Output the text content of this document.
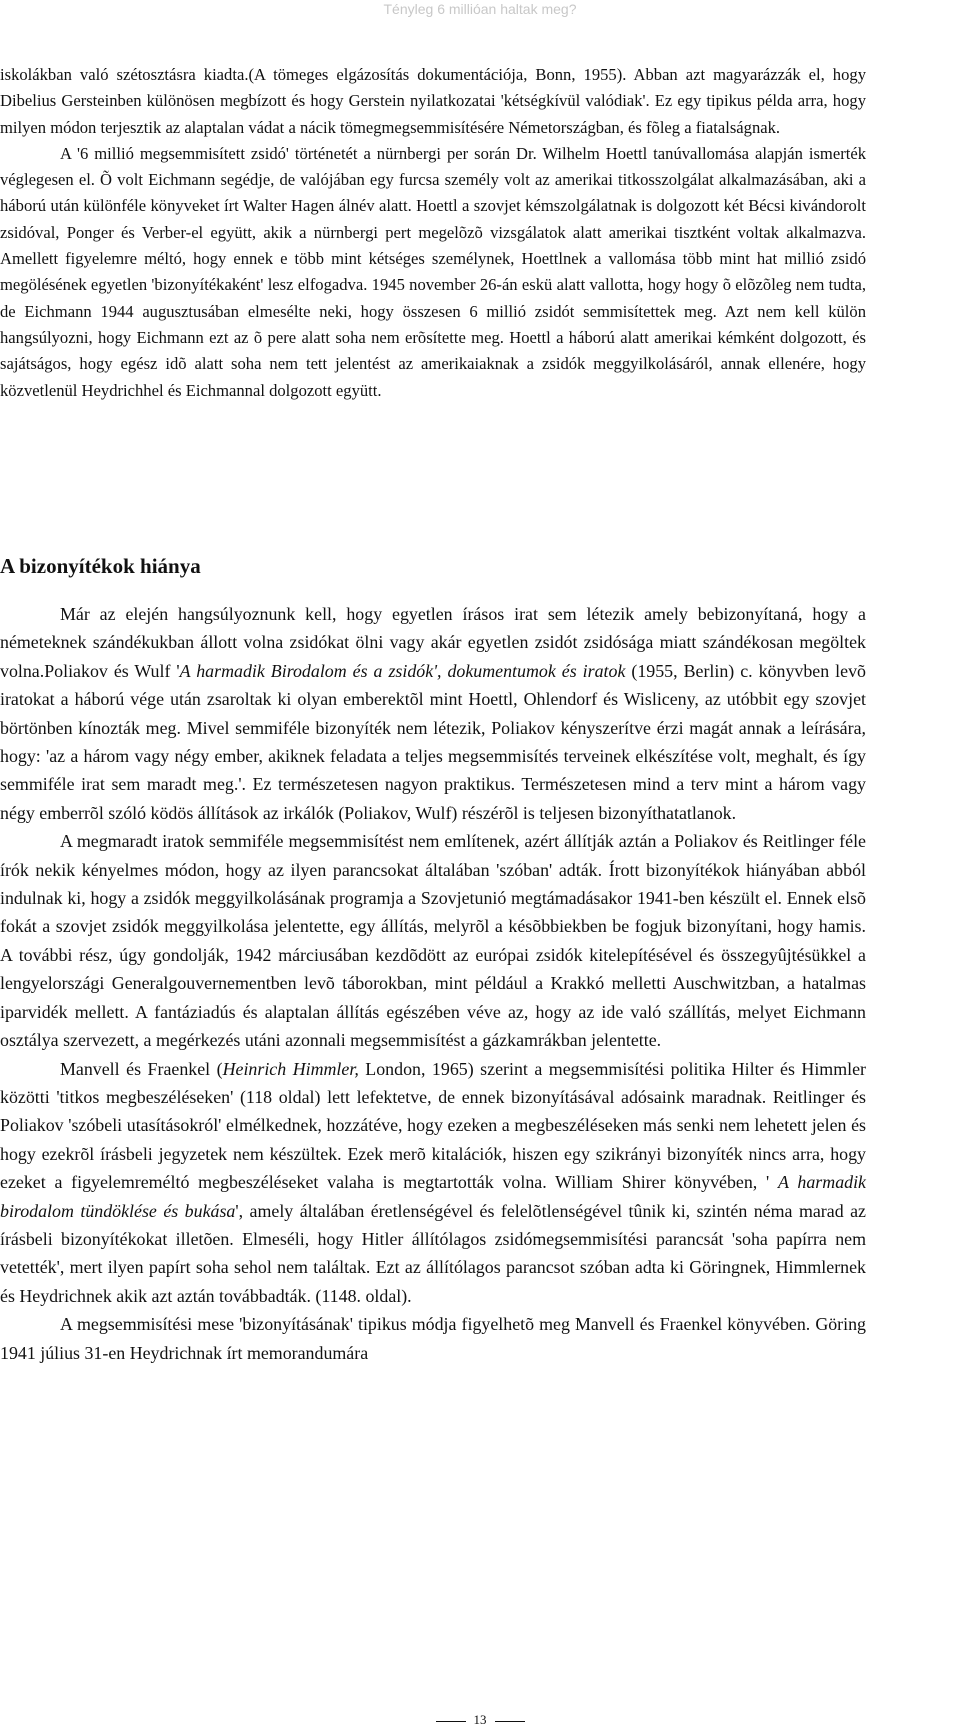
Tényleg 6 millióan haltak meg?

iskolákban való szétosztásra kiadta.(A tömeges elgázosítás dokumentációja, Bonn, 1955). Abban azt magyarázzák el, hogy Dibelius Gersteinben különösen megbízott és hogy Gerstein nyilatkozatai 'kétségkívül valódiak'. Ez egy tipikus példa arra, hogy milyen módon terjesztik az alaptalan vádat a nácik tömegmegsemmisítésére Németországban, és fõleg a fiatalságnak.

A '6 millió megsemmisített zsidó' történetét a nürnbergi per során Dr. Wilhelm Hoettl tanúvallomása alapján ismerték véglegesen el. Õ volt Eichmann segédje, de valójában egy furcsa személy volt az amerikai titkosszolgálat alkalmazásában, aki a háború után különféle könyveket írt Walter Hagen álnév alatt. Hoettl a szovjet kémszolgálatnak is dolgozott két Bécsi kivándorolt zsidóval, Ponger és Verber-el együtt, akik a nürnbergi pert megelõzõ vizsgálatok alatt amerikai tisztként voltak alkalmazva. Amellett figyelemre méltó, hogy ennek e több mint kétséges személynek, Hoettlnek a vallomása több mint hat millió zsidó megölésének egyetlen 'bizonyítékaként' lesz elfogadva. 1945 november 26-án eskü alatt vallotta, hogy hogy õ elõzõleg nem tudta, de Eichmann 1944 augusztusában elmesélte neki, hogy összesen 6 millió zsidót semmisítettek meg. Azt nem kell külön hangsúlyozni, hogy Eichmann ezt az õ pere alatt soha nem erõsítette meg. Hoettl a háború alatt amerikai kémként dolgozott, és sajátságos, hogy egész idõ alatt soha nem tett jelentést az amerikaiaknak a zsidók meggyilkolásáról, annak ellenére, hogy közvetlenül Heydrichhel és Eichmannal dolgozott együtt.

A bizonyítékok hiánya

Már az elején hangsúlyoznunk kell, hogy egyetlen írásos irat sem létezik amely bebizonyítaná, hogy a németeknek szándékukban állott volna zsidókat ölni vagy akár egyetlen zsidót zsidósága miatt szándékosan megöltek volna.Poliakov és Wulf 'A harmadik Birodalom és a zsidók', dokumentumok és iratok (1955, Berlin) c. könyvben levõ iratokat a háború vége után zsaroltak ki olyan emberektõl mint Hoettl, Ohlendorf és Wisliceny, az utóbbit egy szovjet börtönben kínozták meg. Mivel semmiféle bizonyíték nem létezik, Poliakov kényszerítve érzi magát annak a leírására, hogy: 'az a három vagy négy ember, akiknek feladata a teljes megsemmisítés terveinek elkészítése volt, meghalt, és így semmiféle irat sem maradt meg.'. Ez természetesen nagyon praktikus. Természetesen mind a terv mint a három vagy négy emberrõl szóló ködös állítások az irkálók (Poliakov, Wulf) részérõl is teljesen bizonyíthatatlanok.

A megmaradt iratok semmiféle megsemmisítést nem említenek, azért állítják aztán a Poliakov és Reitlinger féle írók nekik kényelmes módon, hogy az ilyen parancsokat általában 'szóban' adták. Írott bizonyítékok hiányában abból indulnak ki, hogy a zsidók meggyilkolásának programja a Szovjetunió megtámadásakor 1941-ben készült el. Ennek elsõ fokát a szovjet zsidók meggyilkolása jelentette, egy állítás, melyrõl a késõbbiekben be fogjuk bizonyítani, hogy hamis. A további rész, úgy gondolják, 1942 márciusában kezdõdött az európai zsidók kitelepítésével és összegyûjtésükkel a lengyelországi Generalgouvernementben levõ táborokban, mint például a Krakkó melletti Auschwitzban, a hatalmas iparvidék mellett. A fantáziadús és alaptalan állítás egészében véve az, hogy az ide való szállítás, melyet Eichmann osztálya szervezett, a megérkezés utáni azonnali megsemmisítést a gázkamrákban jelentette.

Manvell és Fraenkel (Heinrich Himmler, London, 1965) szerint a megsemmisítési politika Hilter és Himmler közötti 'titkos megbeszéléseken' (118 oldal) lett lefektetve, de ennek bizonyításával adósaink maradnak. Reitlinger és Poliakov 'szóbeli utasításokról' elmélkednek, hozzátéve, hogy ezeken a megbeszéléseken más senki nem lehetett jelen és hogy ezekrõl írásbeli jegyzetek nem készültek. Ezek merõ kitalációk, hiszen egy szikrányi bizonyíték nincs arra, hogy ezeket a figyelemreméltó megbeszéléseket valaha is megtartották volna. William Shirer könyvében, ' A harmadik birodalom tündöklése és bukása', amely általában éretlenségével és felelõtlenségével tûnik ki, szintén néma marad az írásbeli bizonyítékokat illetõen. Elmeséli, hogy Hitler állítólagos zsidómegsemmisítési parancsát 'soha papírra nem vetették', mert ilyen papírt soha sehol nem találtak. Ezt az állítólagos parancsot szóban adta ki Göringnek, Himmlernek és Heydrichnek akik azt aztán továbbadták. (1148. oldal).

A megsemmisítési mese 'bizonyításának' tipikus módja figyelhetõ meg Manvell és Fraenkel könyvében. Göring 1941 július 31-en Heydrichnak írt memorandumára

13
